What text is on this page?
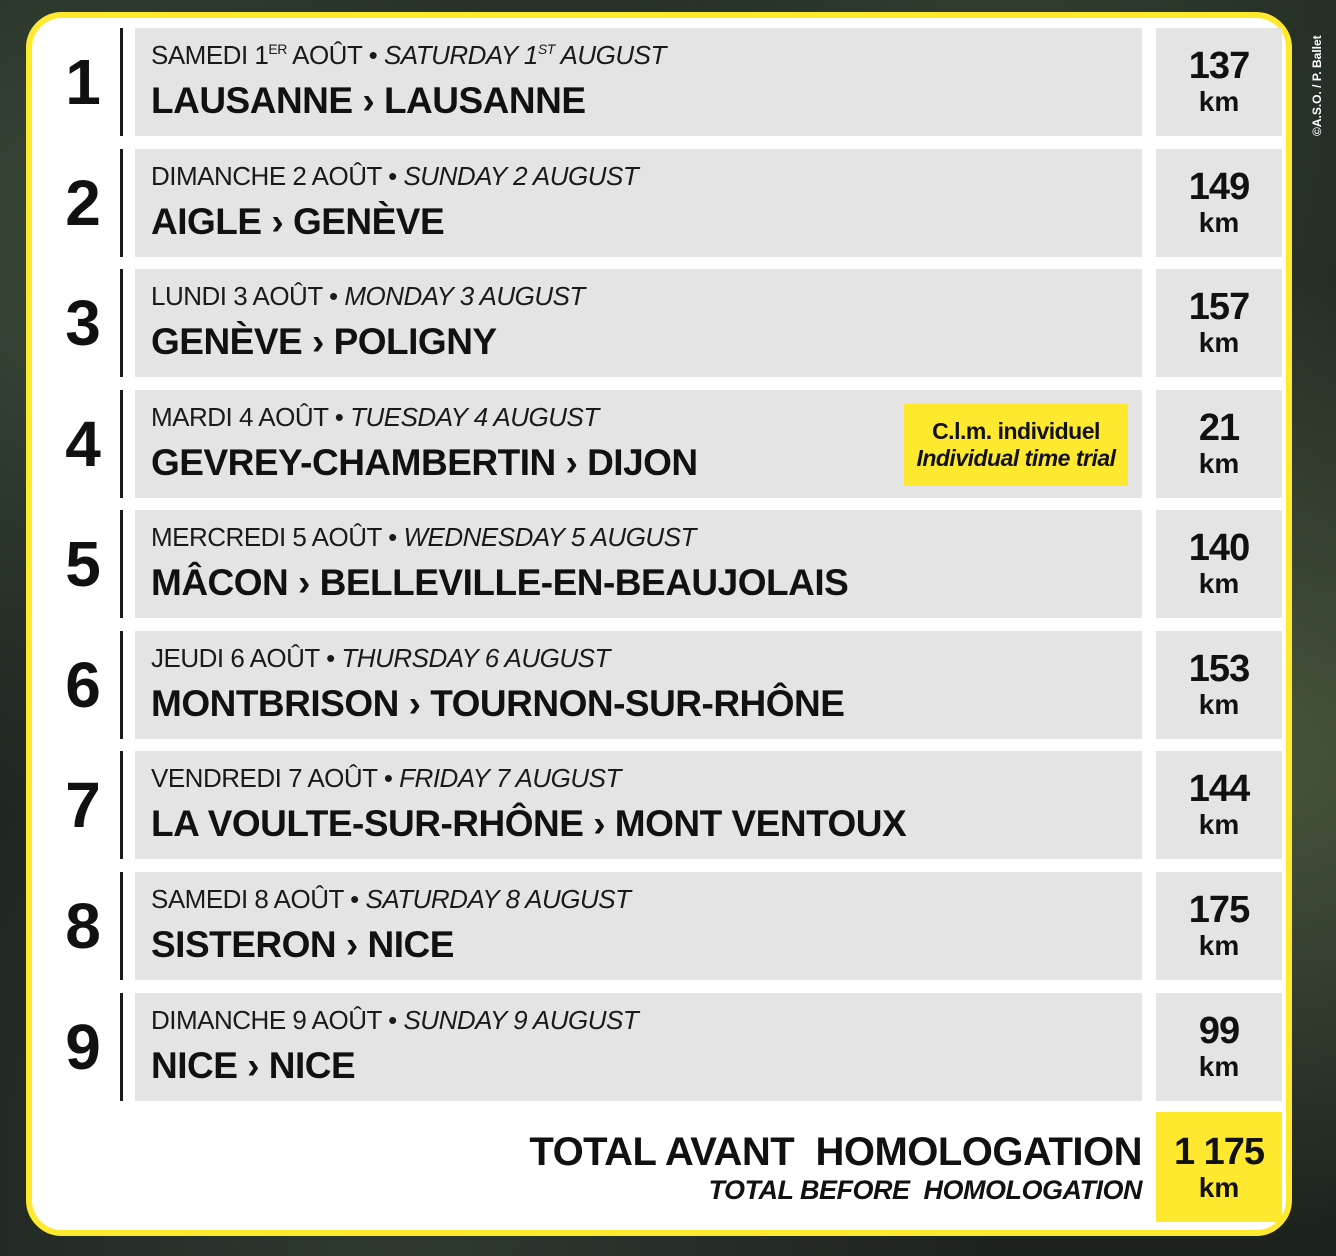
©A.S.O. / P. Ballet
1 SAMEDI 1ER AOÛT • SATURDAY 1ST AUGUST
LAUSANNE › LAUSANNE
137
km
2 DIMANCHE 2 AOÛT • SUNDAY 2 AUGUST
AIGLE › GENÈVE
149
km
3 LUNDI 3 AOÛT • MONDAY 3 AUGUST
GENÈVE › POLIGNY
157
km
4 MARDI 4 AOÛT • TUESDAY 4 AUGUST
GEVREY-CHAMBERTIN › DIJON
C.l.m. individuel
Individual time trial
21
km
5 MERCREDI 5 AOÛT • WEDNESDAY 5 AUGUST
MÂCON › BELLEVILLE-EN-BEAUJOLAIS
140
km
6 JEUDI 6 AOÛT • THURSDAY 6 AUGUST
MONTBRISON › TOURNON-SUR-RHÔNE
153
km
7 VENDREDI 7 AOÛT • FRIDAY 7 AUGUST
LA VOULTE-SUR-RHÔNE › MONT VENTOUX
144
km
8 SAMEDI 8 AOÛT • SATURDAY 8 AUGUST
SISTERON › NICE
175
km
9 DIMANCHE 9 AOÛT • SUNDAY 9 AUGUST
NICE › NICE
99
km
TOTAL AVANT  HOMOLOGATION
TOTAL BEFORE  HOMOLOGATION
1 175
km
